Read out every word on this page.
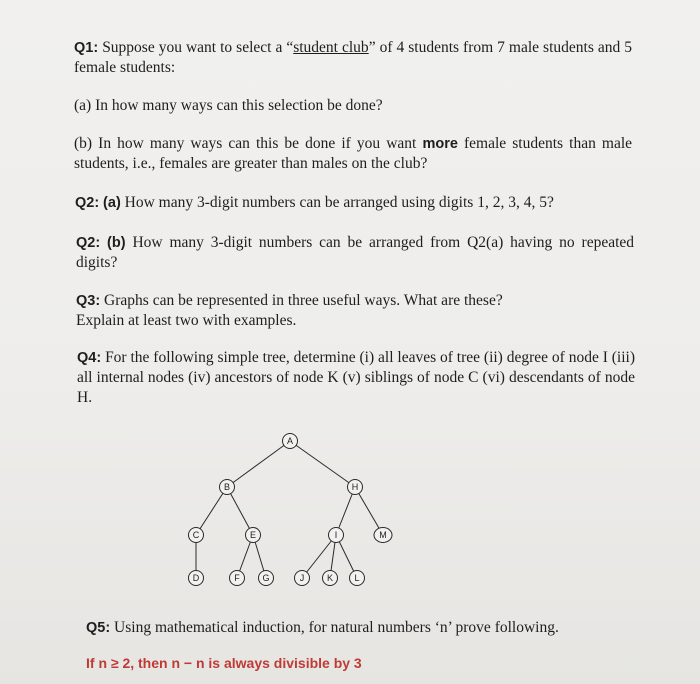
Q1: Suppose you want to select a “student club” of 4 students from 7 male students and 5 female students:
(a) In how many ways can this selection be done?
(b) In how many ways can this be done if you want more female students than male students, i.e., females are greater than males on the club?
Q2: (a) How many 3-digit numbers can be arranged using digits 1, 2, 3, 4, 5?
Q2: (b) How many 3-digit numbers can be arranged from Q2(a) having no repeated digits?
Q3: Graphs can be represented in three useful ways. What are these?
Explain at least two with examples.
Q4: For the following simple tree, determine (i) all leaves of tree (ii) degree of node I (iii) all internal nodes (iv) ancestors of node K (v) siblings of node C (vi) descendants of node H.
A
B	H
C	E	I	M
D	F	G	J	K L
Q5: Using mathematical induction, for natural numbers ‘n’ prove following.
If n ≥ 2, then n − n is always divisible by 3
